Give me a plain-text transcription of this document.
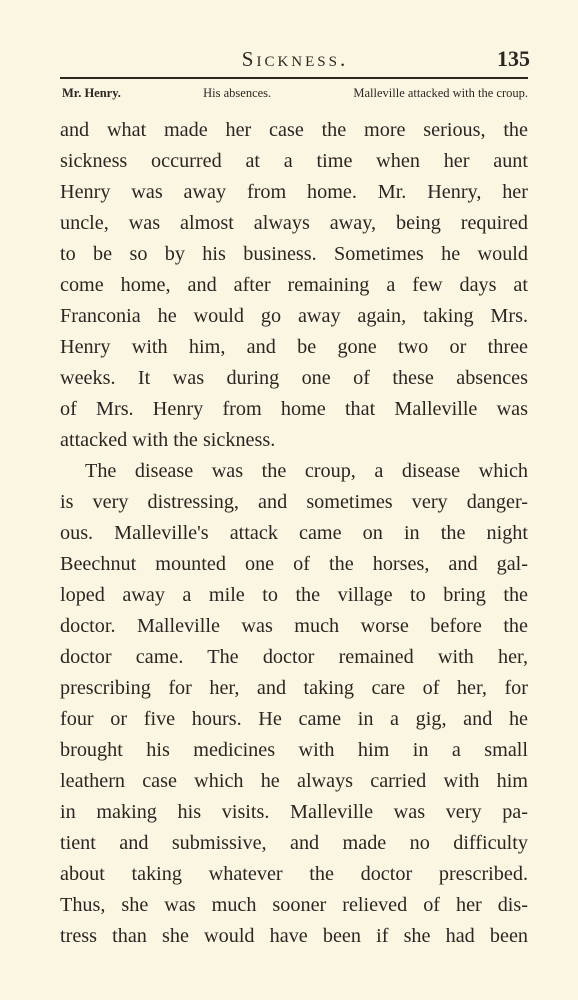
Sickness.	135
Mr. Henry.	His absences.	Malleville attacked with the croup.
and what made her case the more serious, the
sickness occurred at a time when her aunt
Henry was away from home. Mr. Henry, her
uncle, was almost always away, being required
to be so by his business. Sometimes he would
come home, and after remaining a few days at
Franconia he would go away again, taking Mrs.
Henry with him, and be gone two or three
weeks. It was during one of these absences
of Mrs. Henry from home that Malleville was
attacked with the sickness.
The disease was the croup, a disease which
is very distressing, and sometimes very danger-
ous. Malleville's attack came on in the night
Beechnut mounted one of the horses, and gal-
loped away a mile to the village to bring the
doctor. Malleville was much worse before the
doctor came. The doctor remained with her,
prescribing for her, and taking care of her, for
four or five hours. He came in a gig, and he
brought his medicines with him in a small
leathern case which he always carried with him
in making his visits. Malleville was very pa-
tient and submissive, and made no difficulty
about taking whatever the doctor prescribed.
Thus, she was much sooner relieved of her dis-
tress than she would have been if she had been
